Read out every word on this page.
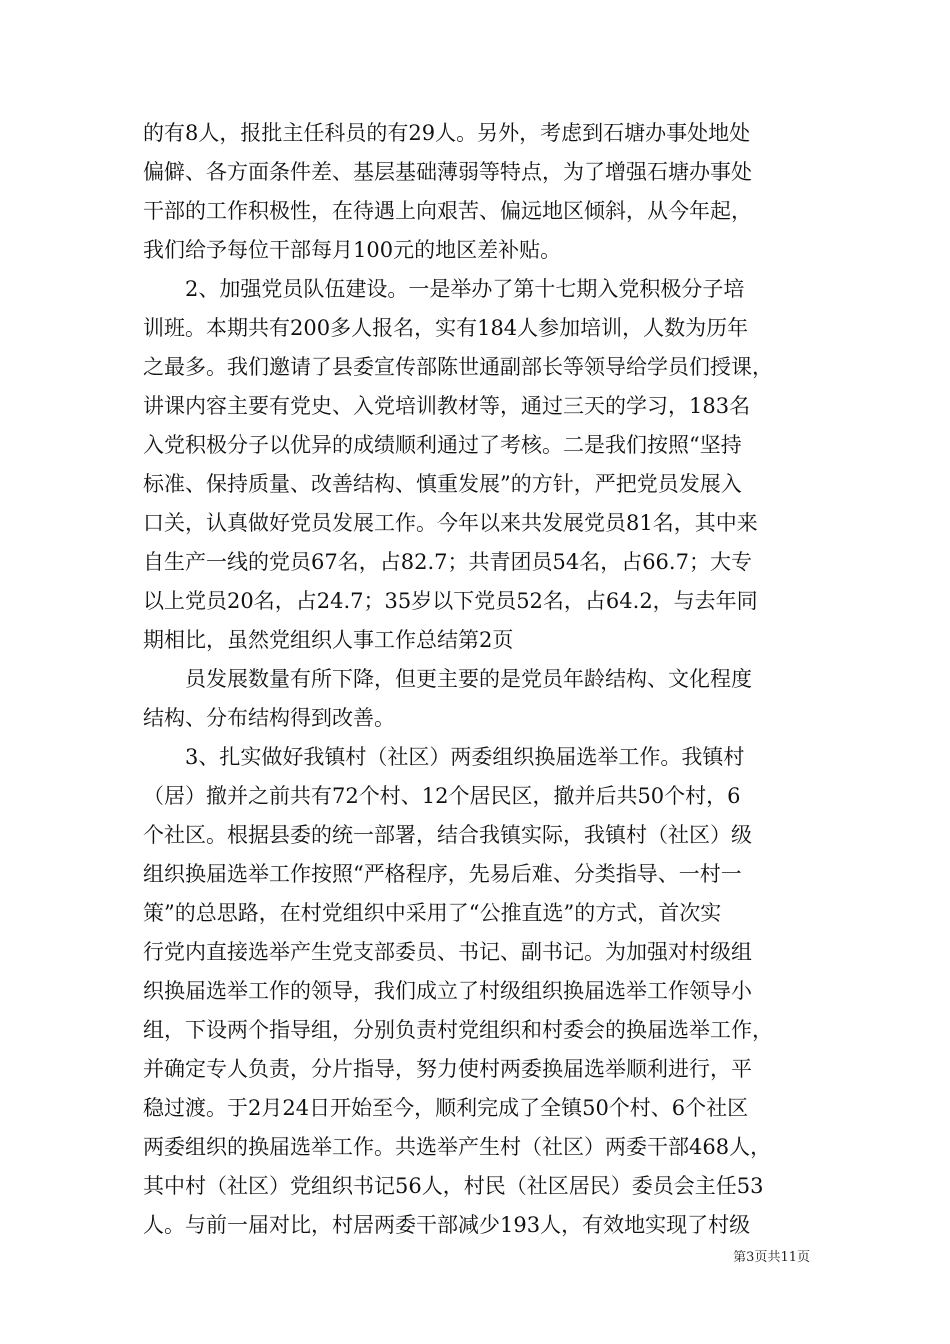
的有8人，报批主任科员的有29人。另外，考虑到石塘办事处地处
偏僻、各方面条件差、基层基础薄弱等特点，为了增强石塘办事处
干部的工作积极性，在待遇上向艰苦、偏远地区倾斜，从今年起，
我们给予每位干部每月100元的地区差补贴。
2、加强党员队伍建设。一是举办了第十七期入党积极分子培
训班。本期共有200多人报名，实有184人参加培训，人数为历年
之最多。我们邀请了县委宣传部陈世通副部长等领导给学员们授课，
讲课内容主要有党史、入党培训教材等，通过三天的学习，183名
入党积极分子以优异的成绩顺利通过了考核。二是我们按照“坚持
标准、保持质量、改善结构、慎重发展”的方针，严把党员发展入
口关，认真做好党员发展工作。今年以来共发展党员81名，其中来
自生产一线的党员67名，占82.7；共青团员54名，占66.7；大专
以上党员20名，占24.7；35岁以下党员52名，占64.2，与去年同
期相比，虽然党组织人事工作总结第2页
员发展数量有所下降，但更主要的是党员年龄结构、文化程度
结构、分布结构得到改善。
3、扎实做好我镇村（社区）两委组织换届选举工作。我镇村
（居）撤并之前共有72个村、12个居民区，撤并后共50个村，6
个社区。根据县委的统一部署，结合我镇实际，我镇村（社区）级
组织换届选举工作按照“严格程序，先易后难、分类指导、一村一
策”的总思路，在村党组织中采用了“公推直选”的方式，首次实
行党内直接选举产生党支部委员、书记、副书记。为加强对村级组
织换届选举工作的领导，我们成立了村级组织换届选举工作领导小
组，下设两个指导组，分别负责村党组织和村委会的换届选举工作，
并确定专人负责，分片指导，努力使村两委换届选举顺利进行，平
稳过渡。于2月24日开始至今，顺利完成了全镇50个村、6个社区
两委组织的换届选举工作。共选举产生村（社区）两委干部468人，
其中村（社区）党组织书记56人，村民（社区居民）委员会主任53
人。与前一届对比，村居两委干部减少193人，有效地实现了村级
第3页共11页
